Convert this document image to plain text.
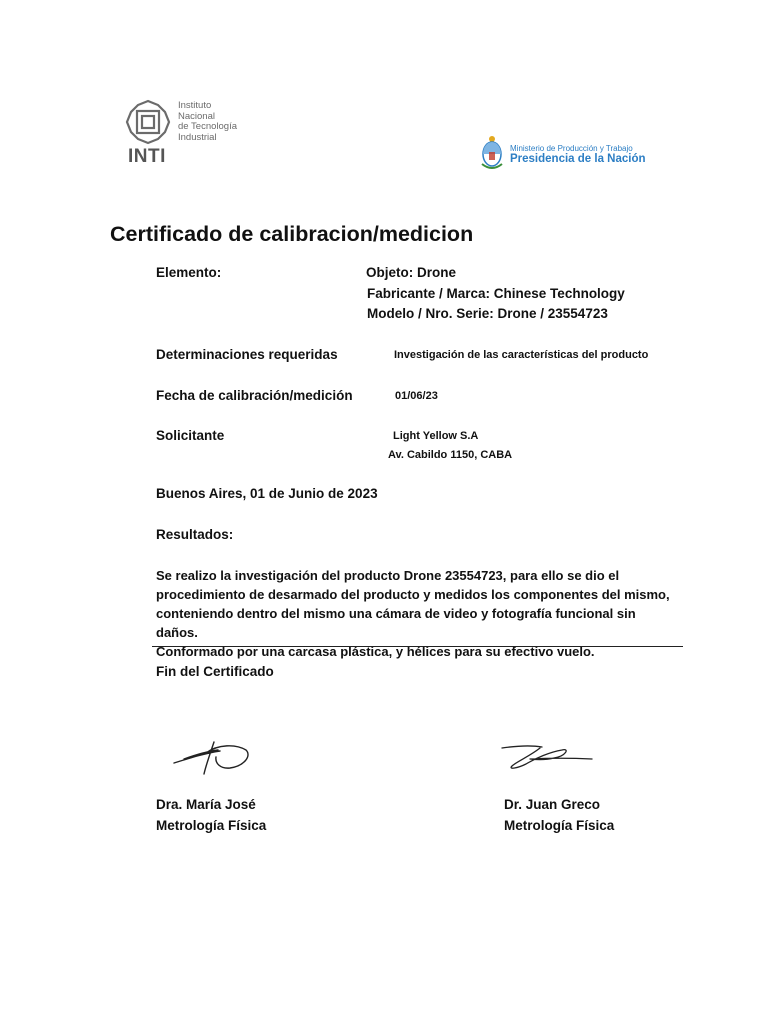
Instituto
Nacional
de Tecnología
Industrial
INTI	Ministerio de Producción y Trabajo
Presidencia de la Nación
Certificado de calibracion/medicion
Elemento:	Objeto: Drone
Fabricante / Marca: Chinese Technology
Modelo / Nro. Serie: Drone / 23554723
Determinaciones requeridas	Investigación de las características del producto
Fecha de calibración/medición	01/06/23
Solicitante	Light Yellow S.A
Av. Cabildo 1150, CABA
Buenos Aires, 01 de Junio de 2023
Resultados:
Se realizo la investigación del producto Drone 23554723, para ello se dio el
procedimiento de desarmado del producto y medidos los componentes del mismo,
conteniendo dentro del mismo una cámara de video y fotografía funcional sin daños.
Conformado por una carcasa plástica, y hélices para su efectivo vuelo.
Fin del Certificado
Dra. María José
Metrología Física
Dr. Juan Greco
Metrología Física
